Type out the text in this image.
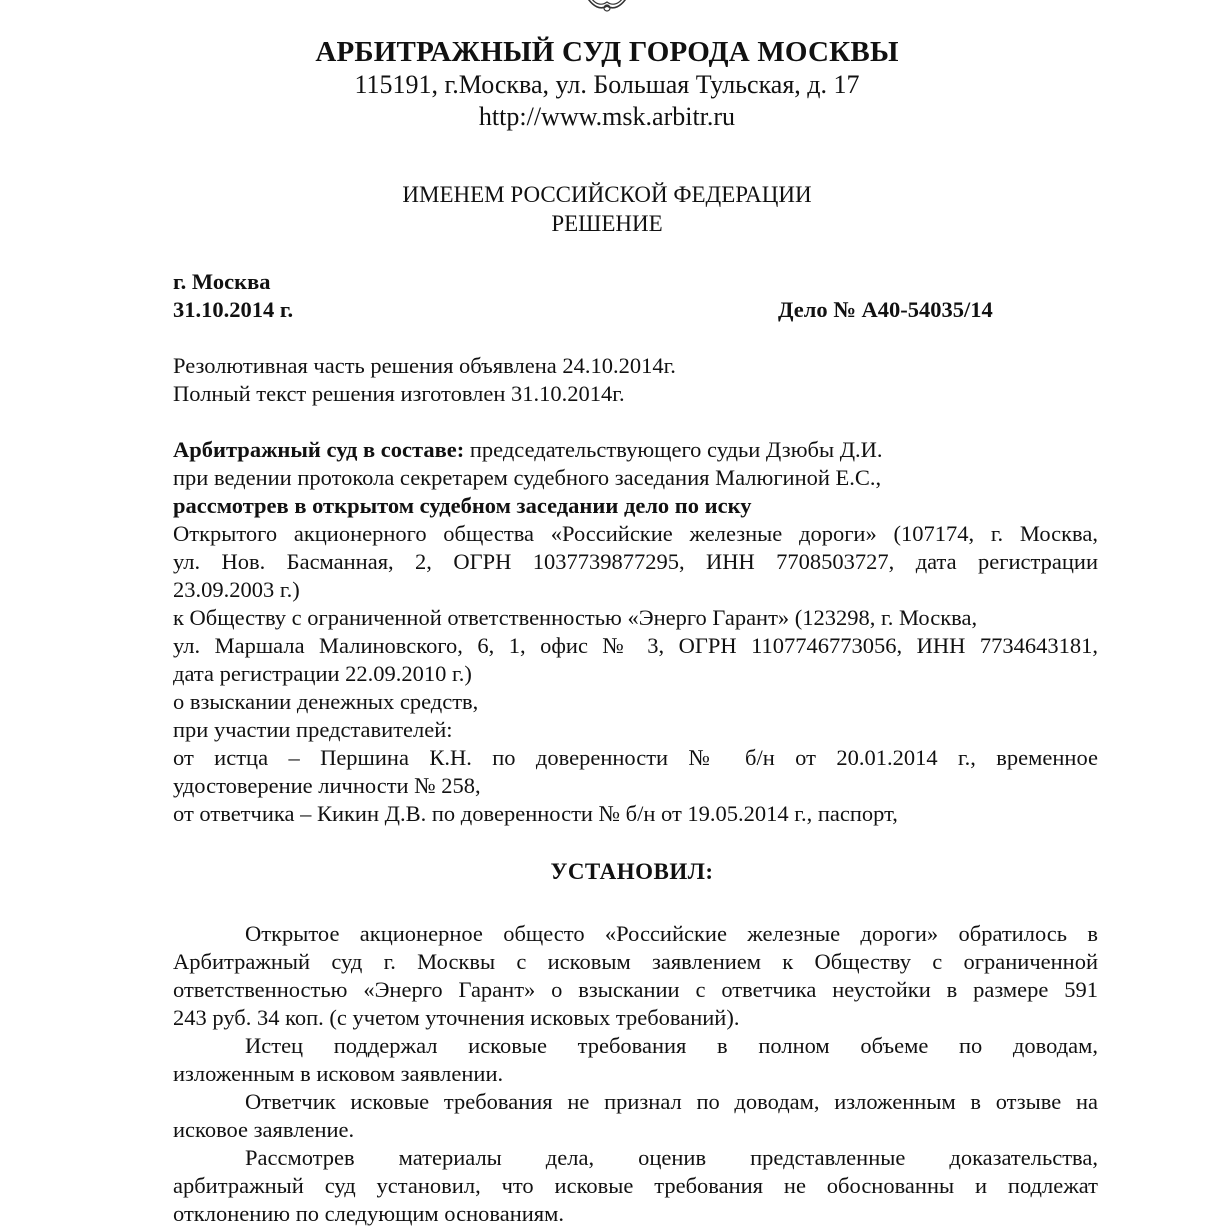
АРБИТРАЖНЫЙ СУД ГОРОДА МОСКВЫ
115191, г.Москва, ул. Большая Тульская, д. 17
http://www.msk.arbitr.ru
ИМЕНЕМ РОССИЙСКОЙ ФЕДЕРАЦИИ
РЕШЕНИЕ
г. Москва
31.10.2014 г.	Дело № А40-54035/14
Резолютивная часть решения объявлена 24.10.2014г.
Полный текст решения изготовлен 31.10.2014г.
Арбитражный суд в составе: председательствующего судьи Дзюбы Д.И.
при ведении протокола секретарем судебного заседания Малюгиной Е.С.,
рассмотрев в открытом судебном заседании дело по иску
Открытого акционерного общества «Российские железные дороги» (107174, г. Москва,
ул. Нов. Басманная, 2, ОГРН 1037739877295, ИНН 7708503727, дата регистрации
23.09.2003 г.)
к Обществу с ограниченной ответственностью «Энерго Гарант» (123298, г. Москва,
ул. Маршала Малиновского, 6, 1, офис № 3, ОГРН 1107746773056, ИНН 7734643181,
дата регистрации 22.09.2010 г.)
о взыскании денежных средств,
при участии представителей:
от истца – Першина К.Н. по доверенности № б/н от 20.01.2014 г., временное
удостоверение личности № 258,
от ответчика – Кикин Д.В. по доверенности № б/н от 19.05.2014 г., паспорт,
УСТАНОВИЛ:
Открытое акционерное общесто «Российские железные дороги» обратилось в
Арбитражный суд г. Москвы с исковым заявлением к Обществу с ограниченной
ответственностью «Энерго Гарант» о взыскании с ответчика неустойки в размере 591
243 руб. 34 коп. (с учетом уточнения исковых требований).
Истец поддержал исковые требования в полном объеме по доводам,
изложенным в исковом заявлении.
Ответчик исковые требования не признал по доводам, изложенным в отзыве на
исковое заявление.
Рассмотрев материалы дела, оценив представленные доказательства,
арбитражный суд установил, что исковые требования не обоснованны и подлежат
отклонению по следующим основаниям.
